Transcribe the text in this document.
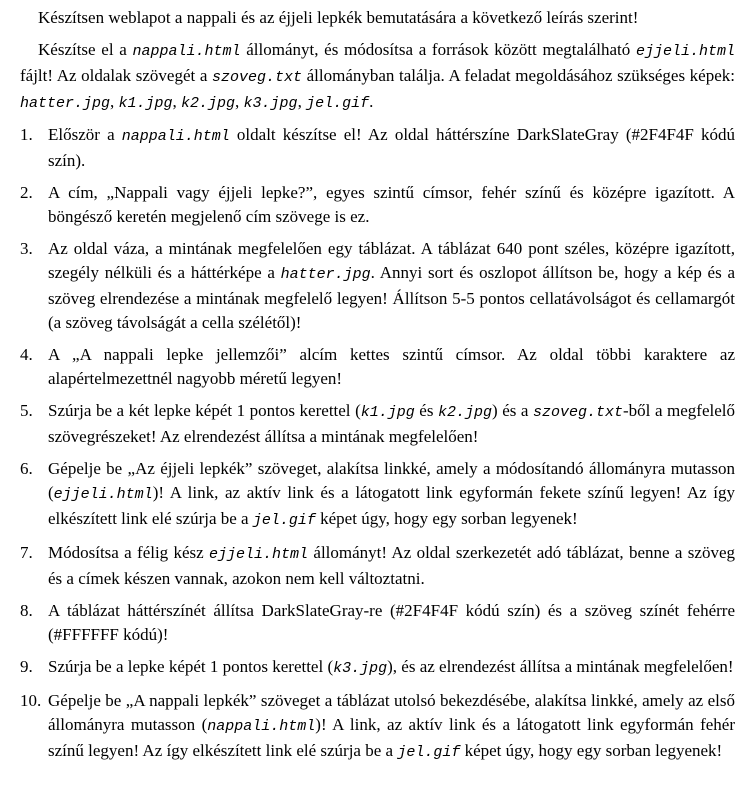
Készítsen weblapot a nappali és az éjjeli lepkék bemutatására a következő leírás szerint!

Készítse el a nappali.html állományt, és módosítsa a források között megtalálható ejjeli.html fájlt! Az oldalak szövegét a szoveg.txt állományban találja. A feladat megoldásához szükséges képek: hatter.jpg, k1.jpg, k2.jpg, k3.jpg, jel.gif.

1. Először a nappali.html oldalt készítse el! Az oldal háttérszíne DarkSlateGray (#2F4F4F kódú szín).
2. A cím, „Nappali vagy éjjeli lepke?”, egyes szintű címsor, fehér színű és középre igazított. A böngésző keretén megjelenő cím szövege is ez.
3. Az oldal váza, a mintának megfelelően egy táblázat. A táblázat 640 pont széles, középre igazított, szegély nélküli és a háttérképe a hatter.jpg. Annyi sort és oszlopot állítson be, hogy a kép és a szöveg elrendezése a mintának megfelelő legyen! Állítson 5-5 pontos cellatávolságot és cellamargót (a szöveg távolságát a cella szélétől)!
4. A „A nappali lepke jellemzői” alcím kettes szintű címsor. Az oldal többi karaktere az alapértelmezettnél nagyobb méretű legyen!
5. Szúrja be a két lepke képét 1 pontos kerettel (k1.jpg és k2.jpg) és a szoveg.txt-ből a megfelelő szövegrészeket! Az elrendezést állítsa a mintának megfelelően!
6. Gépelje be „Az éjjeli lepkék” szöveget, alakítsa linkké, amely a módosítandó állományra mutasson (ejjeli.html)! A link, az aktív link és a látogatott link egyformán fekete színű legyen! Az így elkészített link elé szúrja be a jel.gif képet úgy, hogy egy sorban legyenek!
7. Módosítsa a félig kész ejjeli.html állományt! Az oldal szerkezetét adó táblázat, benne a szöveg és a címek készen vannak, azokon nem kell változtatni.
8. A táblázat háttérszínét állítsa DarkSlateGray-re (#2F4F4F kódú szín) és a szöveg színét fehérre (#FFFFFF kódú)!
9. Szúrja be a lepke képét 1 pontos kerettel (k3.jpg), és az elrendezést állítsa a mintának megfelelően!
10. Gépelje be „A nappali lepkék” szöveget a táblázat utolsó bekezdésébe, alakítsa linkké, amely az első állományra mutasson (nappali.html)! A link, az aktív link és a látogatott link egyformán fehér színű legyen! Az így elkészített link elé szúrja be a jel.gif képet úgy, hogy egy sorban legyenek!
